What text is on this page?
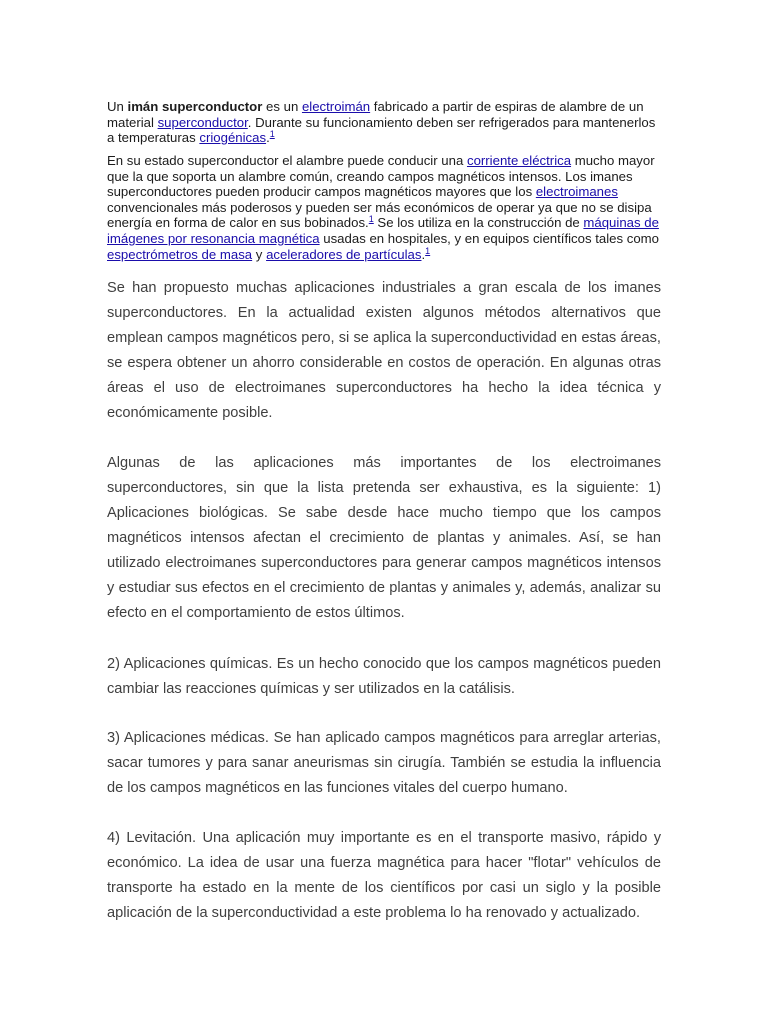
Un imán superconductor es un electroimán fabricado a partir de espiras de alambre de un material superconductor. Durante su funcionamiento deben ser refrigerados para mantenerlos a temperaturas criogénicas.$^1$

En su estado superconductor el alambre puede conducir una corriente eléctrica mucho mayor que la que soporta un alambre común, creando campos magnéticos intensos. Los imanes superconductores pueden producir campos magnéticos mayores que los electroimanes convencionales más poderosos y pueden ser más económicos de operar ya que no se disipa energía en forma de calor en sus bobinados.$^1$ Se los utiliza en la construcción de máquinas de imágenes por resonancia magnética usadas en hospitales, y en equipos científicos tales como espectrómetros de masa y aceleradores de partículas.$^1$

Se han propuesto muchas aplicaciones industriales a gran escala de los imanes superconductores. En la actualidad existen algunos métodos alternativos que emplean campos magnéticos pero, si se aplica la superconductividad en estas áreas, se espera obtener un ahorro considerable en costos de operación. En algunas otras áreas el uso de electroimanes superconductores ha hecho la idea técnica y económicamente posible.

Algunas de las aplicaciones más importantes de los electroimanes superconductores, sin que la lista pretenda ser exhaustiva, es la siguiente: 1) Aplicaciones biológicas. Se sabe desde hace mucho tiempo que los campos magnéticos intensos afectan el crecimiento de plantas y animales. Así, se han utilizado electroimanes superconductores para generar campos magnéticos intensos y estudiar sus efectos en el crecimiento de plantas y animales y, además, analizar su efecto en el comportamiento de estos últimos.

2) Aplicaciones químicas. Es un hecho conocido que los campos magnéticos pueden cambiar las reacciones químicas y ser utilizados en la catálisis.

3) Aplicaciones médicas. Se han aplicado campos magnéticos para arreglar arterias, sacar tumores y para sanar aneurismas sin cirugía. También se estudia la influencia de los campos magnéticos en las funciones vitales del cuerpo humano.

4) Levitación. Una aplicación muy importante es en el transporte masivo, rápido y económico. La idea de usar una fuerza magnética para hacer "flotar" vehículos de transporte ha estado en la mente de los científicos por casi un siglo y la posible aplicación de la superconductividad a este problema lo ha renovado y actualizado.
